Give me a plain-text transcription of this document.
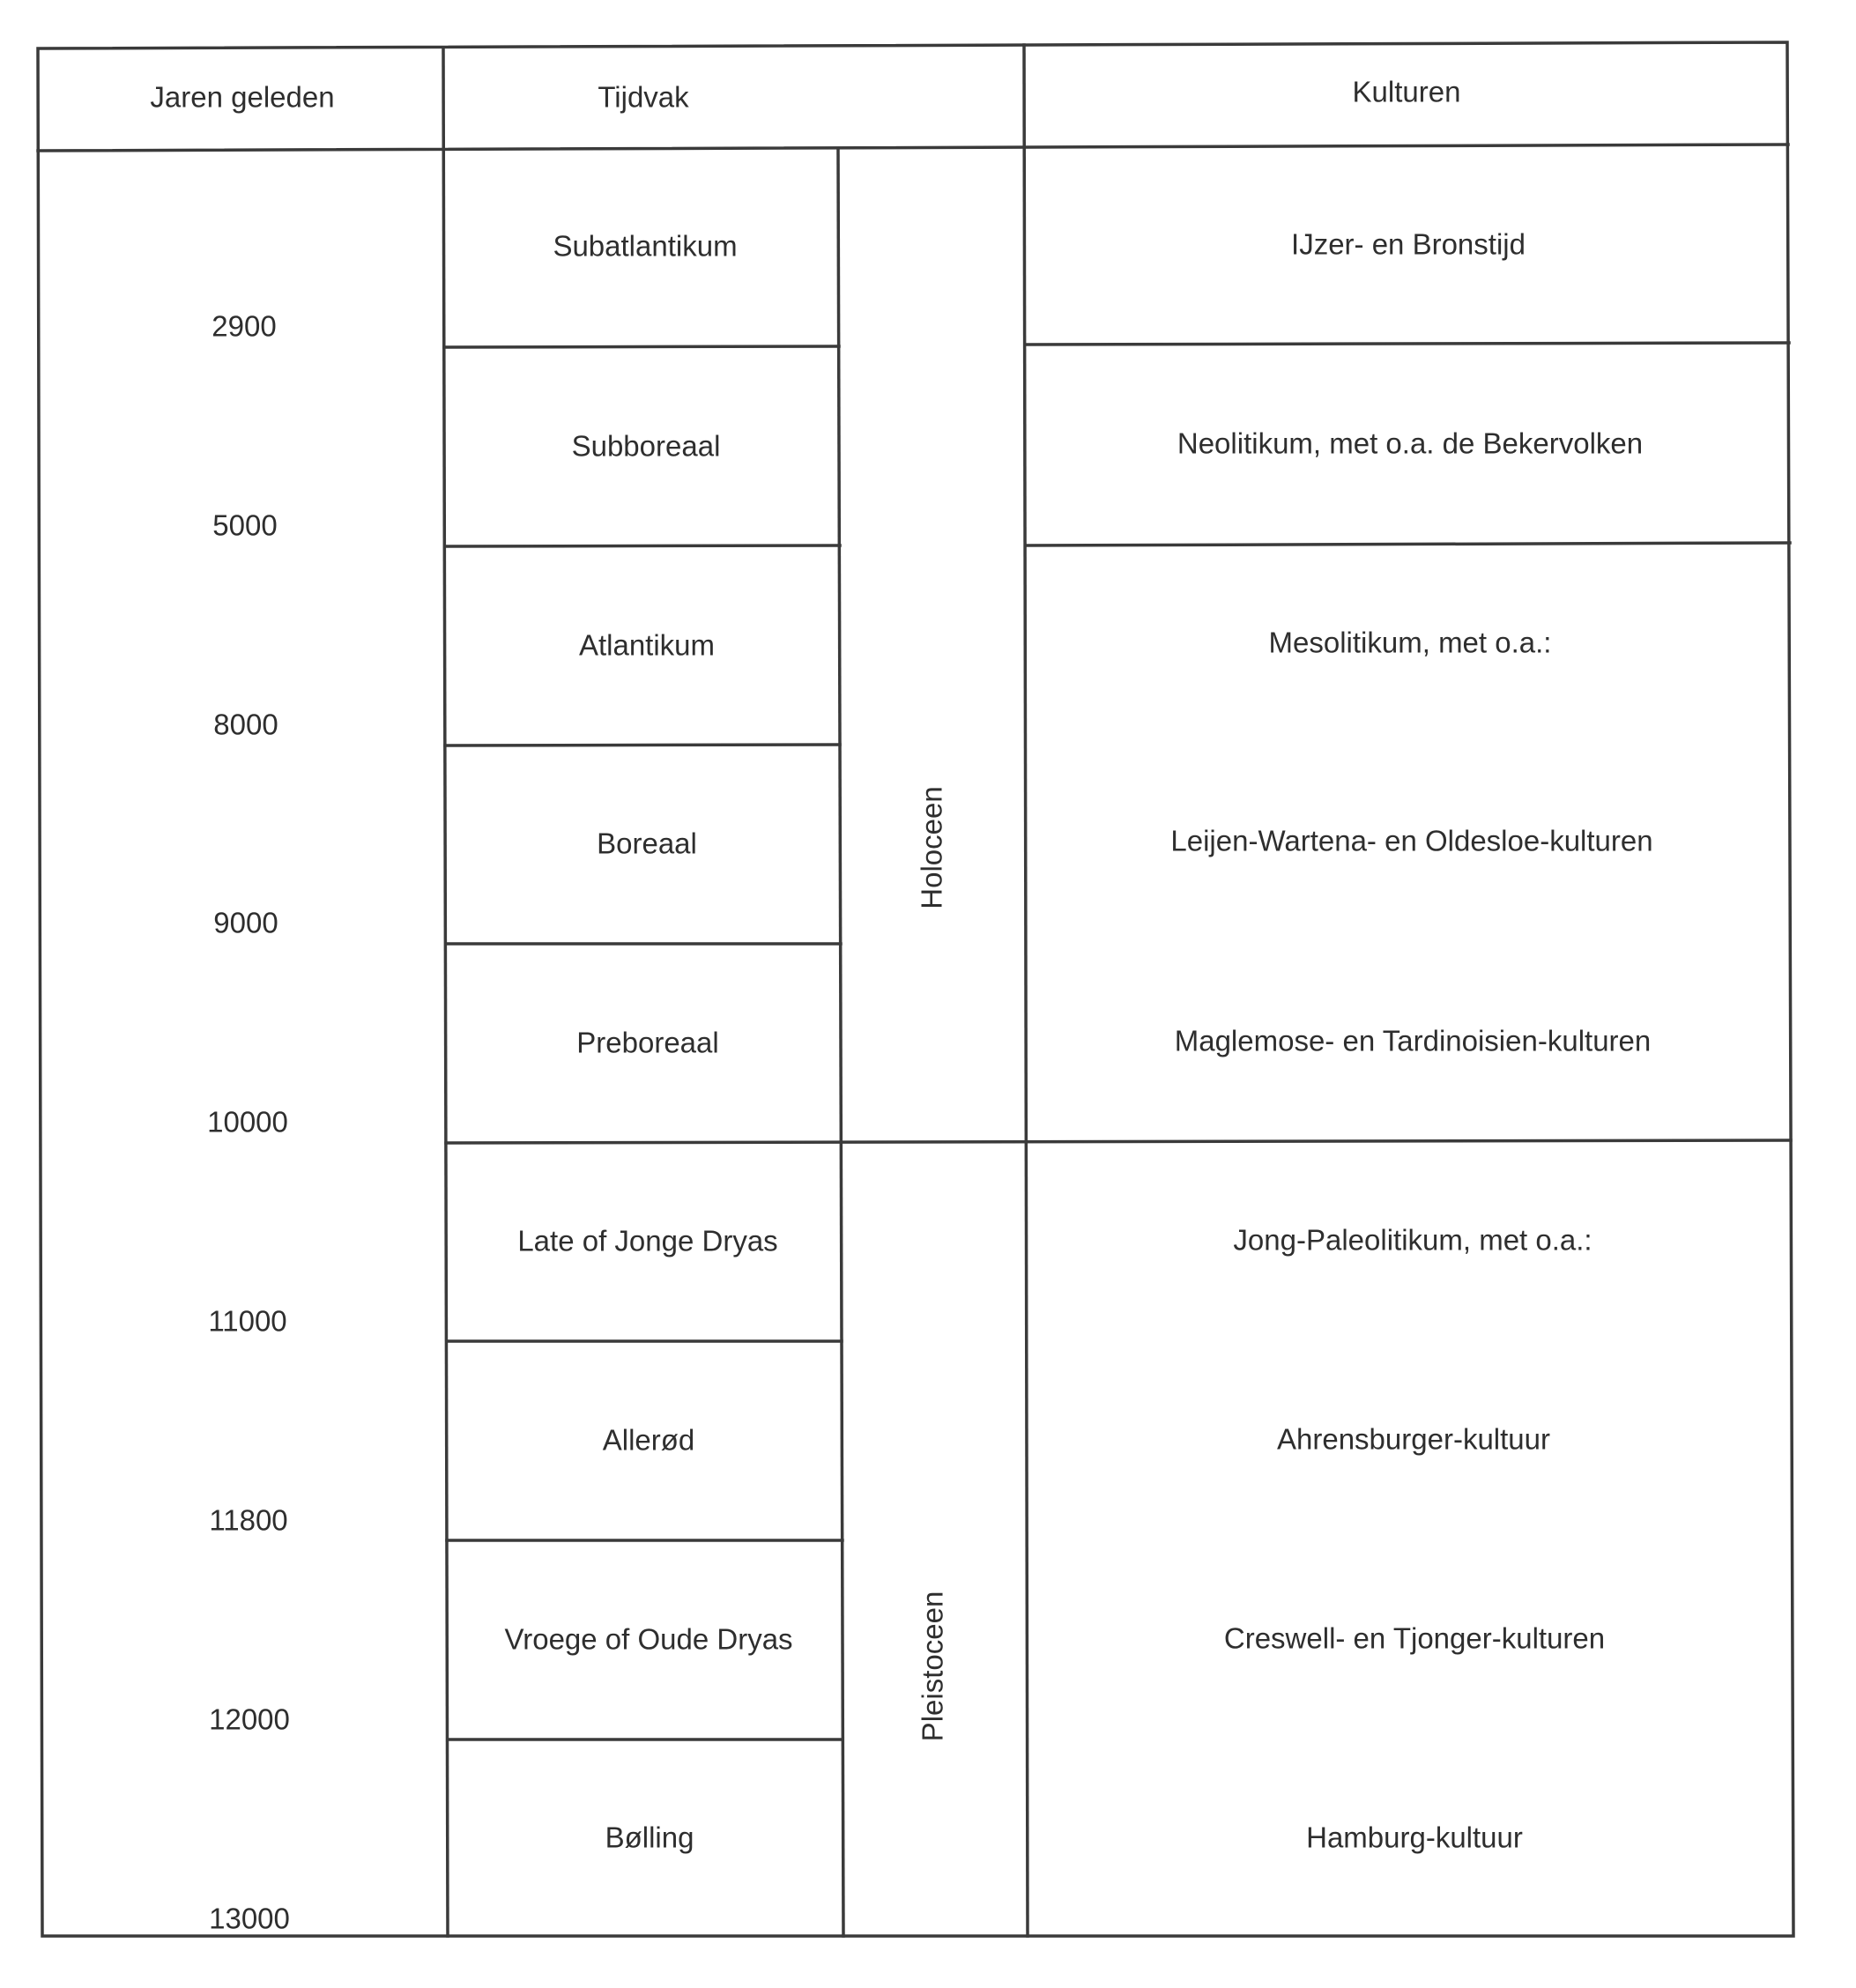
Jaren geleden	Tijdvak	Kulturen
2900
5000
8000
9000
10000
11000
11800
12000
13000
Subatlantikum
Subboreaal
Atlantikum
Boreaal
Preboreaal
Late of Jonge Dryas
Allerød
Vroege of Oude Dryas
Bølling
Holoceen
Pleistoceen
IJzer- en Bronstijd
Neolitikum, met o.a. de Bekervolken
Mesolitikum, met o.a.:
Leijen-Wartena- en Oldesloe-kulturen
Maglemose- en Tardinoisien-kulturen
Jong-Paleolitikum, met o.a.:
Ahrensburger-kultuur
Creswell- en Tjonger-kulturen
Hamburg-kultuur
